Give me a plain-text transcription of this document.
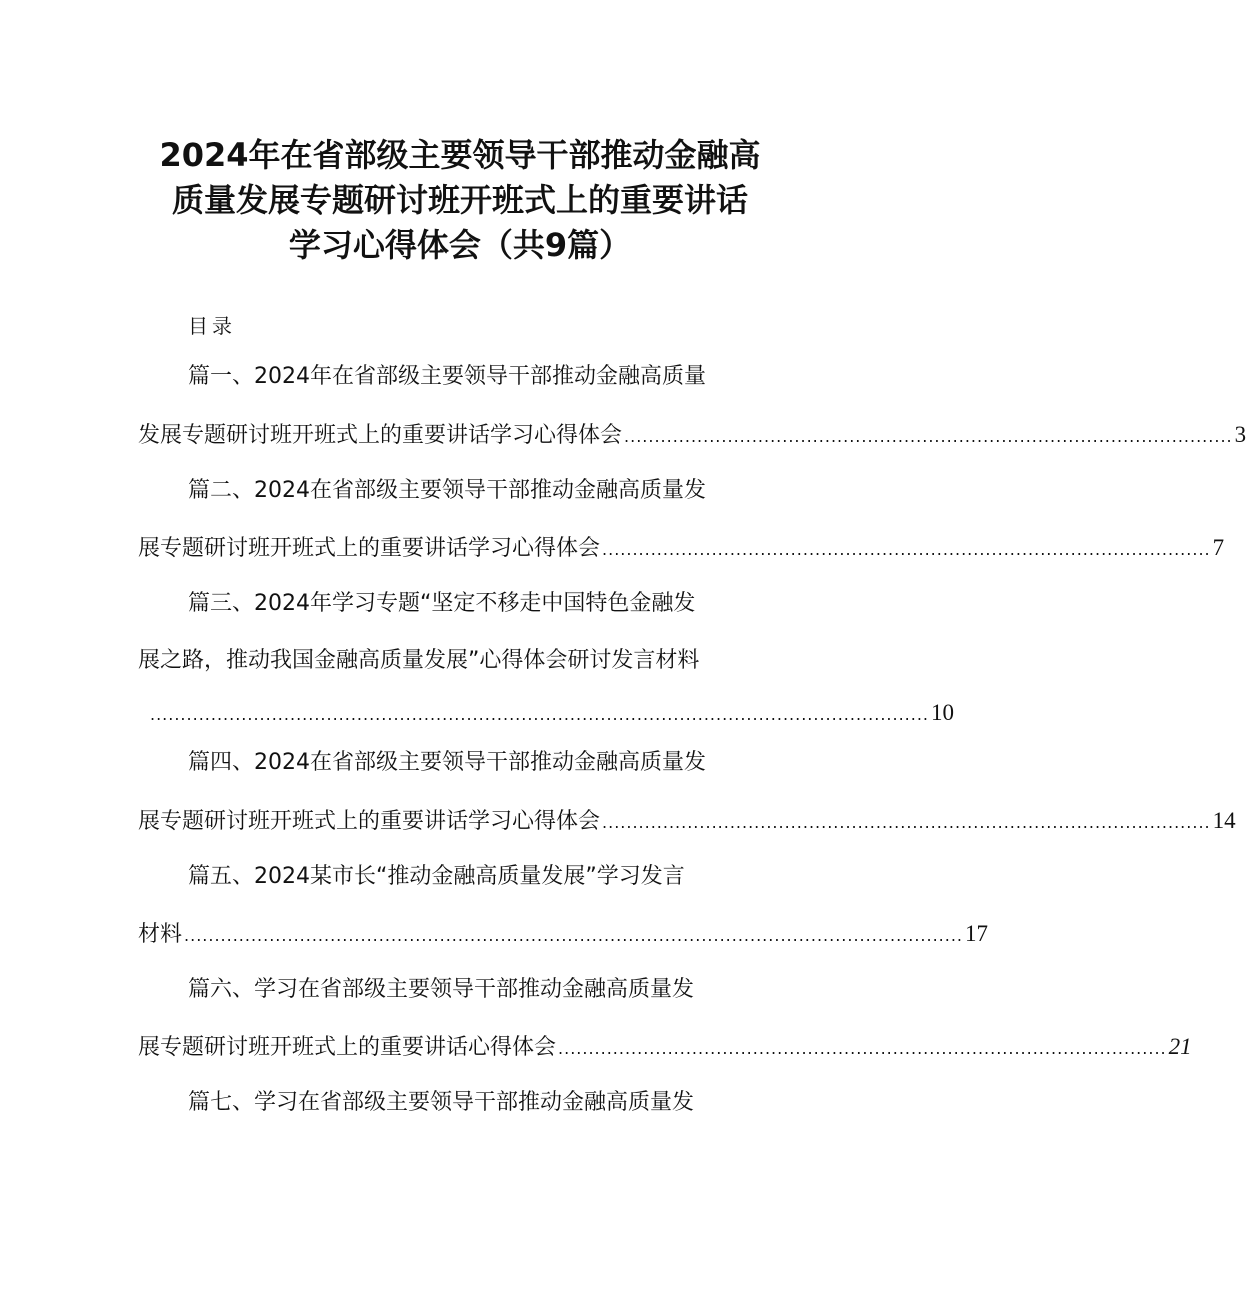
2024年在省部级主要领导干部推动金融高
质量发展专题研讨班开班式上的重要讲话
学习心得体会（共9篇）
目录
篇一、2024年在省部级主要领导干部推动金融高质量
发展专题研讨班开班式上的重要讲话学习心得体会 .................................................................................................... 3
篇二、2024在省部级主要领导干部推动金融高质量发
展专题研讨班开班式上的重要讲话学习心得体会 .................................................................................................... 7
篇三、2024年学习专题“坚定不移走中国特色金融发
展之路，推动我国金融高质量发展”心得体会研讨发言材料
................................................................................................................................ 10
篇四、2024在省部级主要领导干部推动金融高质量发
展专题研讨班开班式上的重要讲话学习心得体会 .................................................................................................... 14
篇五、2024某市长“推动金融高质量发展”学习发言
材料 ................................................................................................................................ 17
篇六、学习在省部级主要领导干部推动金融高质量发
展专题研讨班开班式上的重要讲话心得体会 .................................................................................................... 21
篇七、学习在省部级主要领导干部推动金融高质量发
